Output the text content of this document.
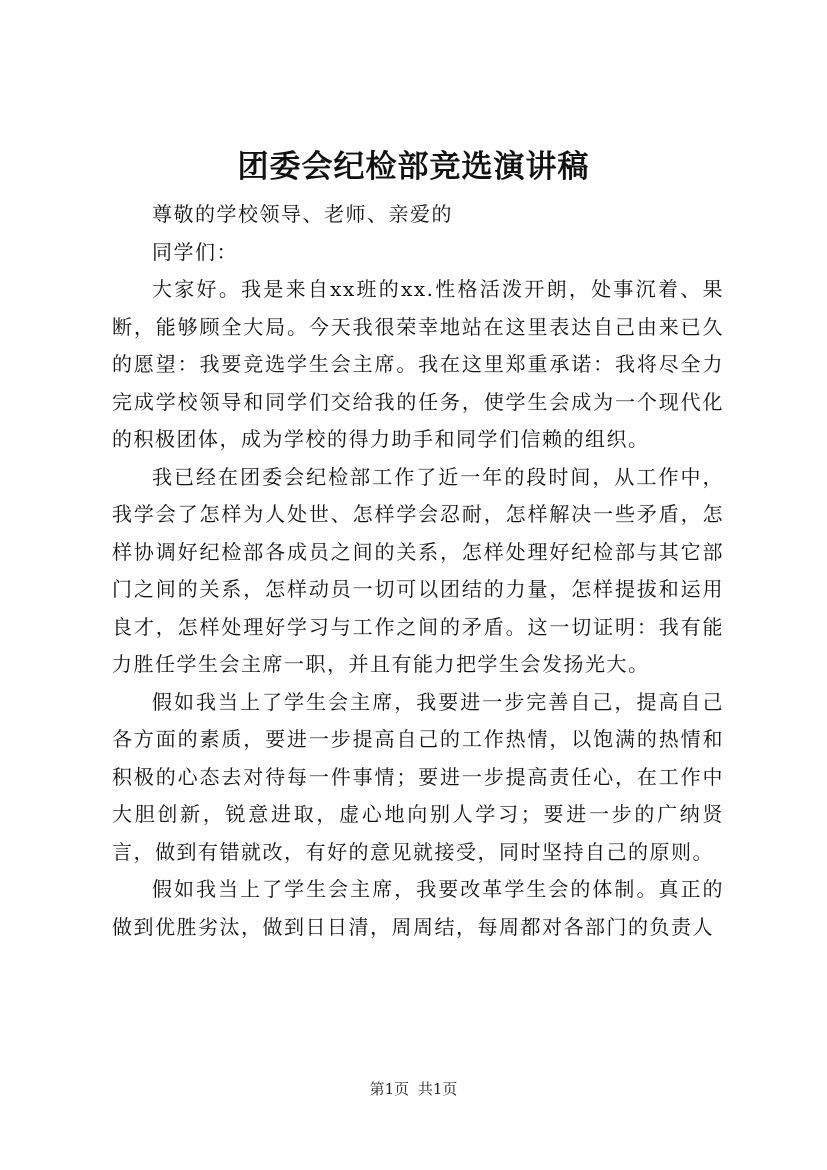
团委会纪检部竞选演讲稿

尊敬的学校领导、老师、亲爱的

同学们：

大家好。我是来自xx班的xx.性格活泼开朗，处事沉着、果断，能够顾全大局。今天我很荣幸地站在这里表达自己由来已久的愿望：我要竞选学生会主席。我在这里郑重承诺：我将尽全力完成学校领导和同学们交给我的任务，使学生会成为一个现代化的积极团体，成为学校的得力助手和同学们信赖的组织。

我已经在团委会纪检部工作了近一年的段时间，从工作中，我学会了怎样为人处世、怎样学会忍耐，怎样解决一些矛盾，怎样协调好纪检部各成员之间的关系，怎样处理好纪检部与其它部门之间的关系，怎样动员一切可以团结的力量，怎样提拔和运用良才，怎样处理好学习与工作之间的矛盾。这一切证明：我有能力胜任学生会主席一职，并且有能力把学生会发扬光大。

假如我当上了学生会主席，我要进一步完善自己，提高自己各方面的素质，要进一步提高自己的工作热情，以饱满的热情和积极的心态去对待每一件事情；要进一步提高责任心，在工作中大胆创新，锐意进取，虚心地向别人学习；要进一步的广纳贤言，做到有错就改，有好的意见就接受，同时坚持自己的原则。

假如我当上了学生会主席，我要改革学生会的体制。真正的做到优胜劣汰，做到日日清，周周结，每周都对各部门的负责人

第1页 共1页
